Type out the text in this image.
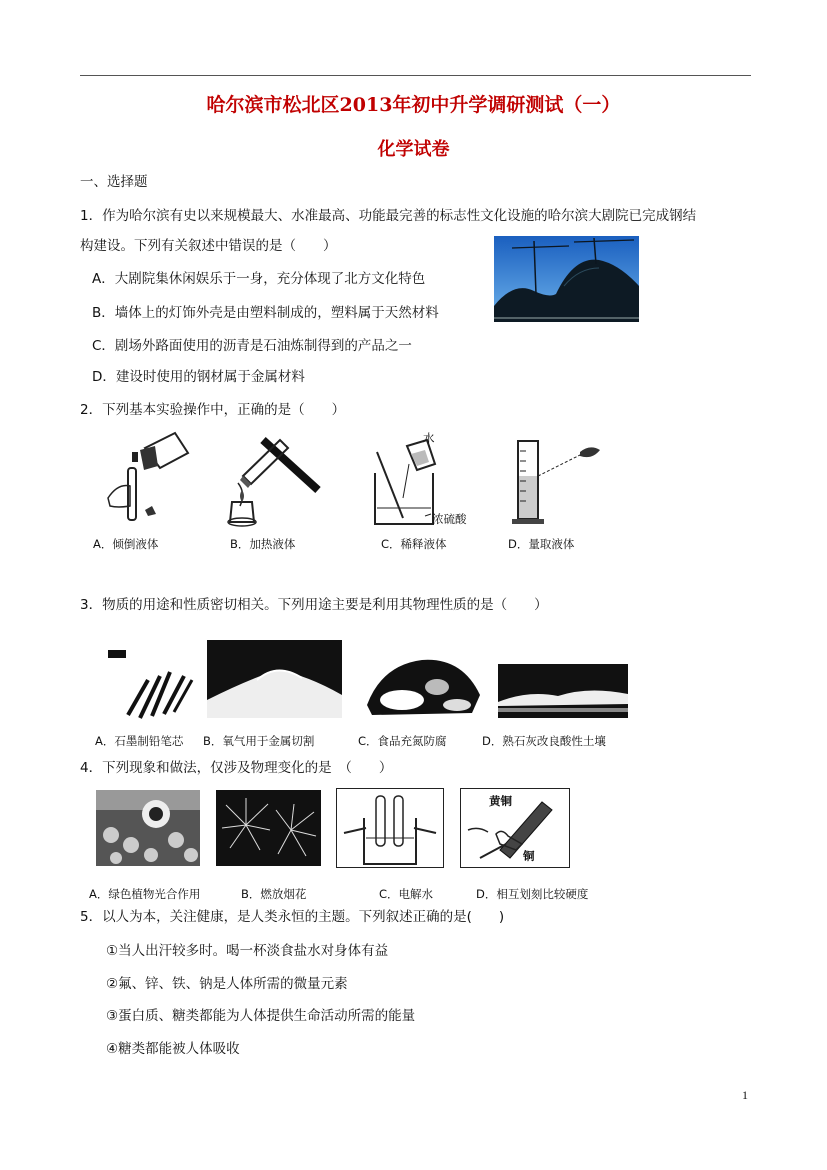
哈尔滨市松北区2013年初中升学调研测试（一）
化学试卷
一、选择题
1．作为哈尔滨有史以来规模最大、水准最高、功能最完善的标志性文化设施的哈尔滨大剧院已完成钢结
构建设。下列有关叙述中错误的是（　　）
A．大剧院集休闲娱乐于一身，充分体现了北方文化特色
B．墙体上的灯饰外壳是由塑料制成的，塑料属于天然材料
C．剧场外路面使用的沥青是石油炼制得到的产品之一
D．建设时使用的钢材属于金属材料
2．下列基本实验操作中，正确的是（　　）
水
浓硫酸
A．倾倒液体	B．加热液体	C．稀释液体	D．量取液体
3．物质的用途和性质密切相关。下列用途主要是利用其物理性质的是（　　）
A．石墨制铅笔芯 B．氧气用于金属切割	C．食品充氮防腐	D．熟石灰改良酸性土壤
4．下列现象和做法，仅涉及物理变化的是　（　　）
黄铜
铜
A．绿色植物光合作用	B．燃放烟花	C．电解水	D．相互划刻比较硬度
5．以人为本，关注健康，是人类永恒的主题。下列叙述正确的是(　　)
①当人出汗较多时。喝一杯淡食盐水对身体有益
②氟、锌、铁、钠是人体所需的微量元素
③蛋白质、糖类都能为人体提供生命活动所需的能量
④糖类都能被人体吸收
1
